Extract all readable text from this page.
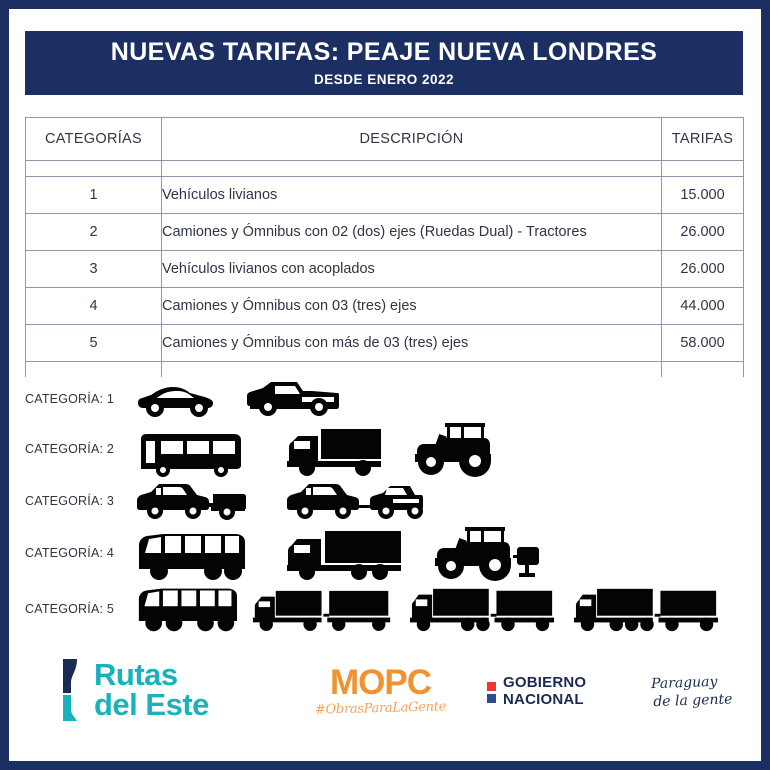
NUEVAS TARIFAS: PEAJE NUEVA LONDRES
DESDE ENERO 2022
CATEGORÍAS	DESCRIPCIÓN	TARIFAS

1	Vehículos livianos	15.000
2	Camiones y Ómnibus con 02 (dos) ejes (Ruedas Dual) - Tractores	26.000
3	Vehículos livianos con acoplados	26.000
4	Camiones y Ómnibus con 03 (tres) ejes	44.000
5	Camiones y Ómnibus con más de 03 (tres) ejes	58.000

CATEGORÍA: 1
CATEGORÍA: 2
CATEGORÍA: 3
CATEGORÍA: 4
CATEGORÍA: 5
Rutas
del Este
MOPC
#ObrasParaLaGente
GOBIERNO
NACIONAL
Paraguay
de la gente
